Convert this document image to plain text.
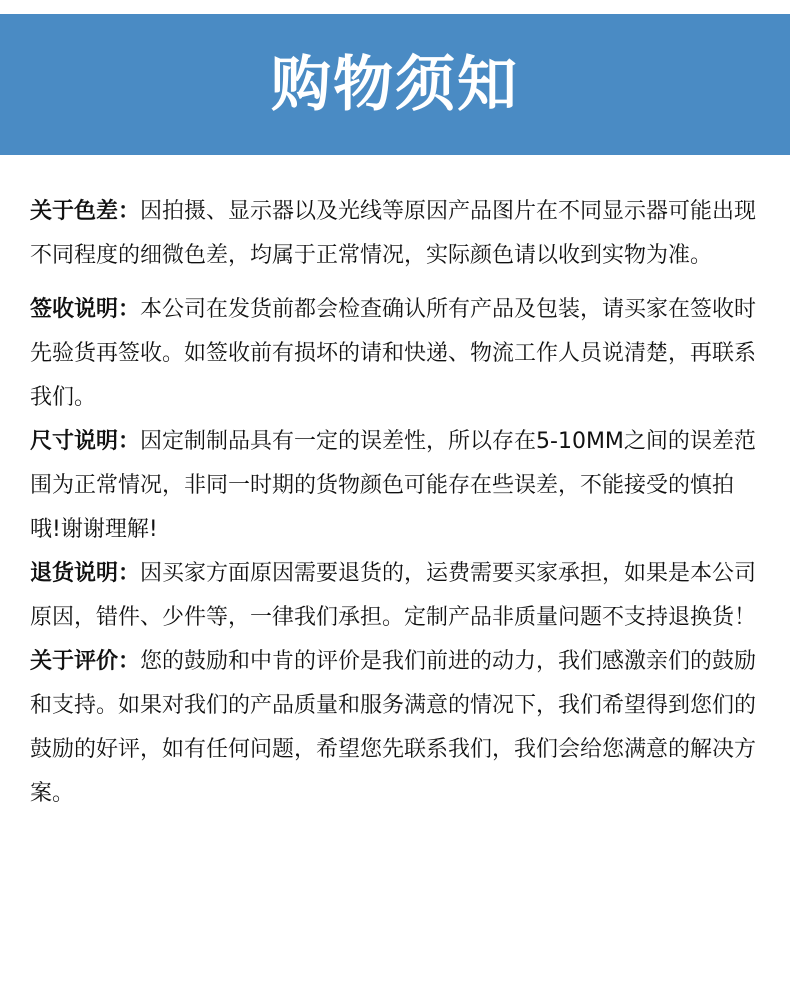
购物须知
关于色差：因拍摄、显示器以及光线等原因产品图片在不同显示器可能出现不同程度的细微色差，均属于正常情况，实际颜色请以收到实物为准。
签收说明：本公司在发货前都会检查确认所有产品及包装，请买家在签收时先验货再签收。如签收前有损坏的请和快递、物流工作人员说清楚，再联系我们。
尺寸说明：因定制制品具有一定的误差性，所以存在5-10MM之间的误差范围为正常情况，非同一时期的货物颜色可能存在些误差，不能接受的慎拍哦!谢谢理解!
退货说明：因买家方面原因需要退货的，运费需要买家承担，如果是本公司原因，错件、少件等，一律我们承担。定制产品非质量问题不支持退换货！
关于评价：您的鼓励和中肯的评价是我们前进的动力，我们感激亲们的鼓励和支持。如果对我们的产品质量和服务满意的情况下，我们希望得到您们的鼓励的好评，如有任何问题，希望您先联系我们，我们会给您满意的解决方案。
